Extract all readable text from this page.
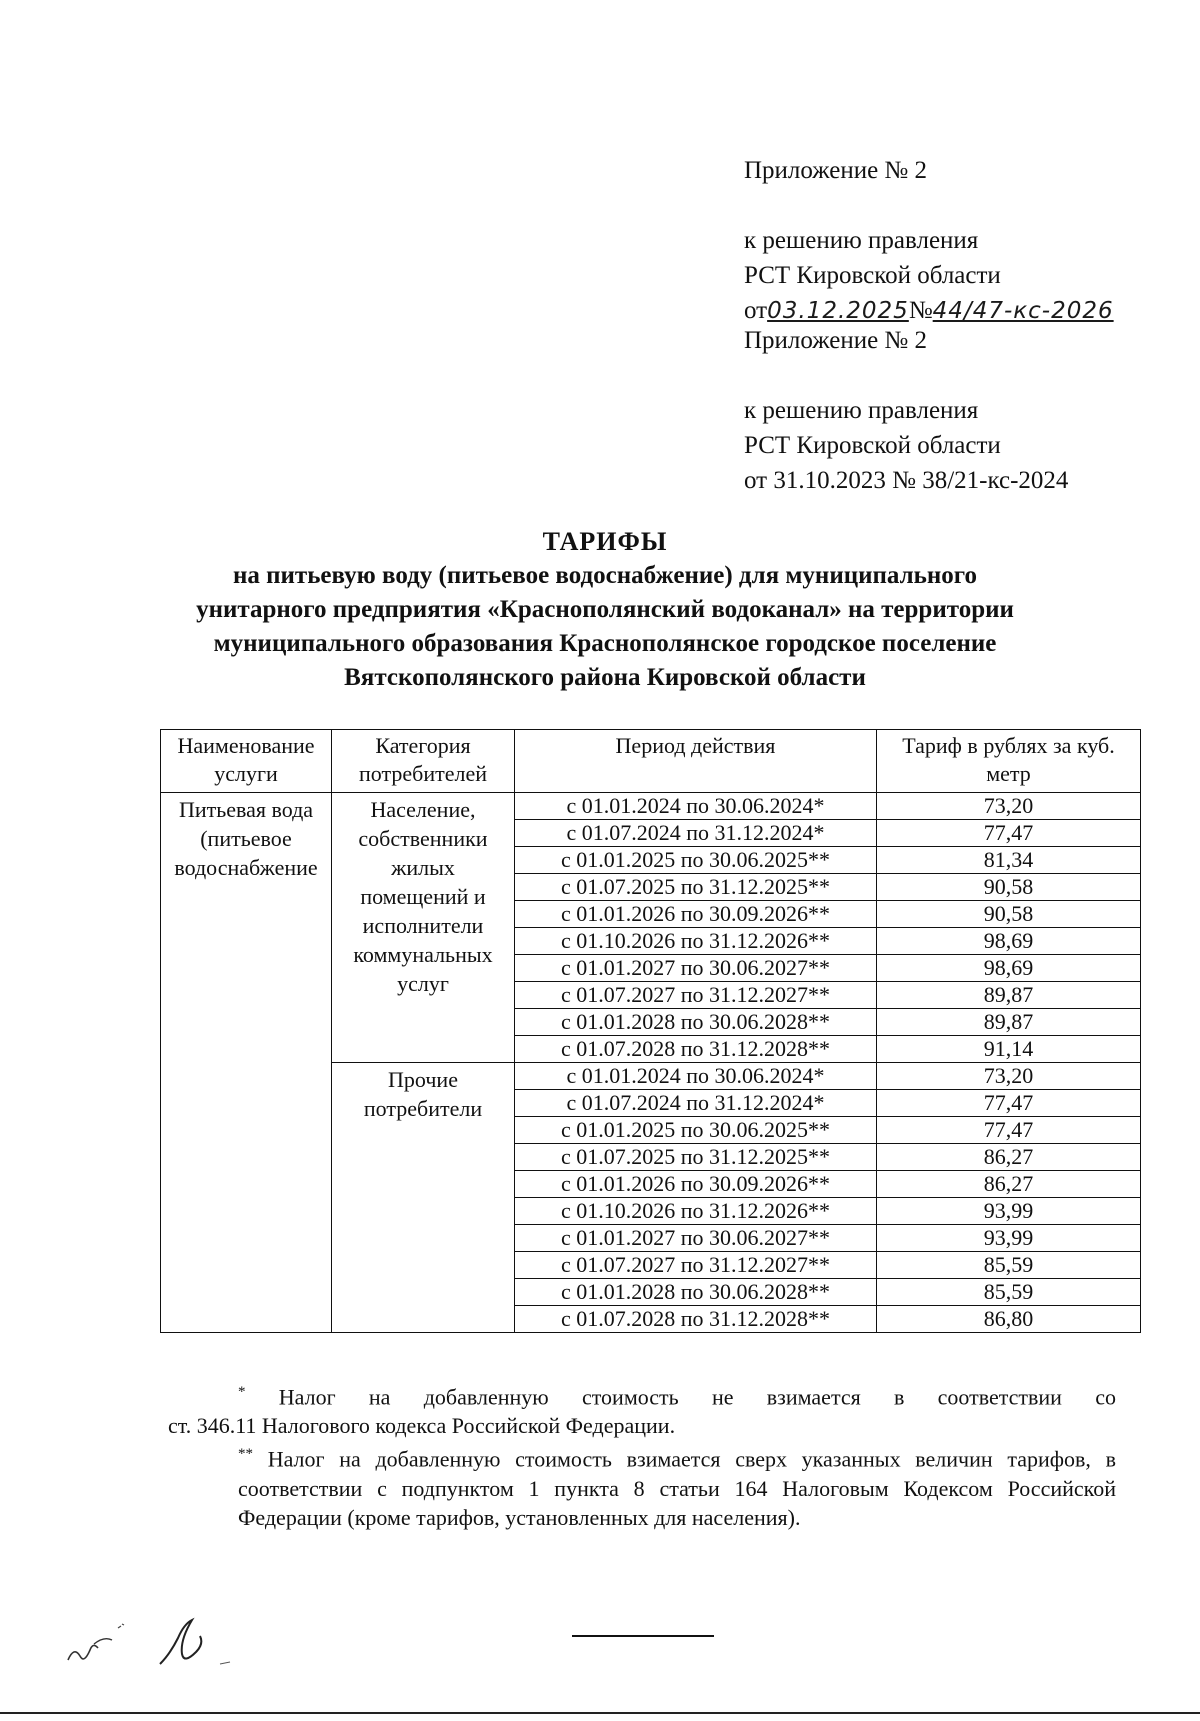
Приложение № 2
к решению правления
РСТ Кировской области
от03.12.2025№44/47-кс-2026
Приложение № 2
к решению правления
РСТ Кировской области
от 31.10.2023 № 38/21-кс-2024
ТАРИФЫ
на питьевую воду (питьевое водоснабжение) для муниципального
унитарного предприятия «Краснополянский водоканал» на территории
муниципального образования Краснополянское городское поселение
Вятскополянского района Кировской области
Наименование услуги	Категория потребителей	Период действия	Тариф в рублях за куб. метр
Питьевая вода (питьевое водоснабжение	Население, собственники жилых помещений и исполнители коммунальных услуг	с 01.01.2024 по 30.06.2024*	73,20
		с 01.07.2024 по 31.12.2024*	77,47
		с 01.01.2025 по 30.06.2025**	81,34
		с 01.07.2025 по 31.12.2025**	90,58
		с 01.01.2026 по 30.09.2026**	90,58
		с 01.10.2026 по 31.12.2026**	98,69
		с 01.01.2027 по 30.06.2027**	98,69
		с 01.07.2027 по 31.12.2027**	89,87
		с 01.01.2028 по 30.06.2028**	89,87
		с 01.07.2028 по 31.12.2028**	91,14
	Прочие потребители	с 01.01.2024 по 30.06.2024*	73,20
		с 01.07.2024 по 31.12.2024*	77,47
		с 01.01.2025 по 30.06.2025**	77,47
		с 01.07.2025 по 31.12.2025**	86,27
		с 01.01.2026 по 30.09.2026**	86,27
		с 01.10.2026 по 31.12.2026**	93,99
		с 01.01.2027 по 30.06.2027**	93,99
		с 01.07.2027 по 31.12.2027**	85,59
		с 01.01.2028 по 30.06.2028**	85,59
		с 01.07.2028 по 31.12.2028**	86,80

* Налог на добавленную стоимость не взимается в соответствии со

ст. 346.11 Налогового кодекса Российской Федерации.

** Налог на добавленную стоимость взимается сверх указанных величин тарифов, в соответствии с подпунктом 1 пункта 8 статьи 164 Налоговым Кодексом Российской Федерации (кроме тарифов, установленных для населения).
